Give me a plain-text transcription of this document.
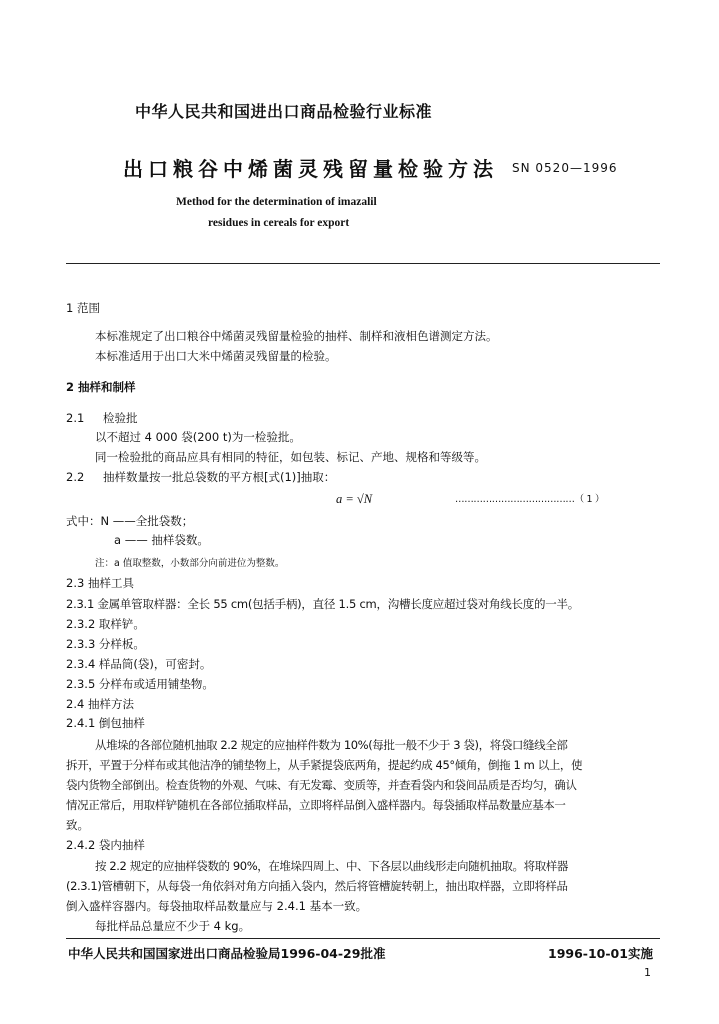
中华人民共和国进出口商品检验行业标准
出口粮谷中烯菌灵残留量检验方法 SN 0520—1996
Method for the determination of imazalil
residues in cereals for export
1 范围
本标准规定了出口粮谷中烯菌灵残留量检验的抽样、制样和液相色谱测定方法。
本标准适用于出口大米中烯菌灵残留量的检验。
2 抽样和制样
2.1 检验批
以不超过 4 000 袋(200 t)为一检验批。
同一检验批的商品应具有相同的特征，如包装、标记、产地、规格和等级等。
2.2 抽样数量按一批总袋数的平方根[式(1)]抽取：
a = √N	…………………………………（ 1 ）
式中：N ——全批袋数；
a —— 抽样袋数。
注：a 值取整数，小数部分向前进位为整数。
2.3 抽样工具
2.3.1 金属单管取样器：全长 55 cm(包括手柄)，直径 1.5 cm，沟槽长度应超过袋对角线长度的一半。
2.3.2 取样铲。
2.3.3 分样板。
2.3.4 样品筒(袋)，可密封。
2.3.5 分样布或适用铺垫物。
2.4 抽样方法
2.4.1 倒包抽样
从堆垛的各部位随机抽取 2.2 规定的应抽样件数为 10%(每批一般不少于 3 袋)，将袋口缝线全部
拆开，平置于分样布或其他洁净的铺垫物上，从手紧提袋底两角，提起约成 45°倾角，倒拖 1 m 以上，使
袋内货物全部倒出。检查货物的外观、气味、有无发霉、变质等，并查看袋内和袋间品质是否均匀，确认
情况正常后，用取样铲随机在各部位插取样品，立即将样品倒入盛样器内。每袋插取样品数量应基本一
致。
2.4.2 袋内抽样
按 2.2 规定的应抽样袋数的 90%，在堆垛四周上、中、下各层以曲线形走向随机抽取。将取样器
(2.3.1)管槽朝下，从每袋一角依斜对角方向插入袋内，然后将管槽旋转朝上，抽出取样器，立即将样品
倒入盛样容器内。每袋抽取样品数量应与 2.4.1 基本一致。
每批样品总量应不少于 4 kg。
中华人民共和国国家进出口商品检验局1996-04-29批准	1996-10-01实施
1
